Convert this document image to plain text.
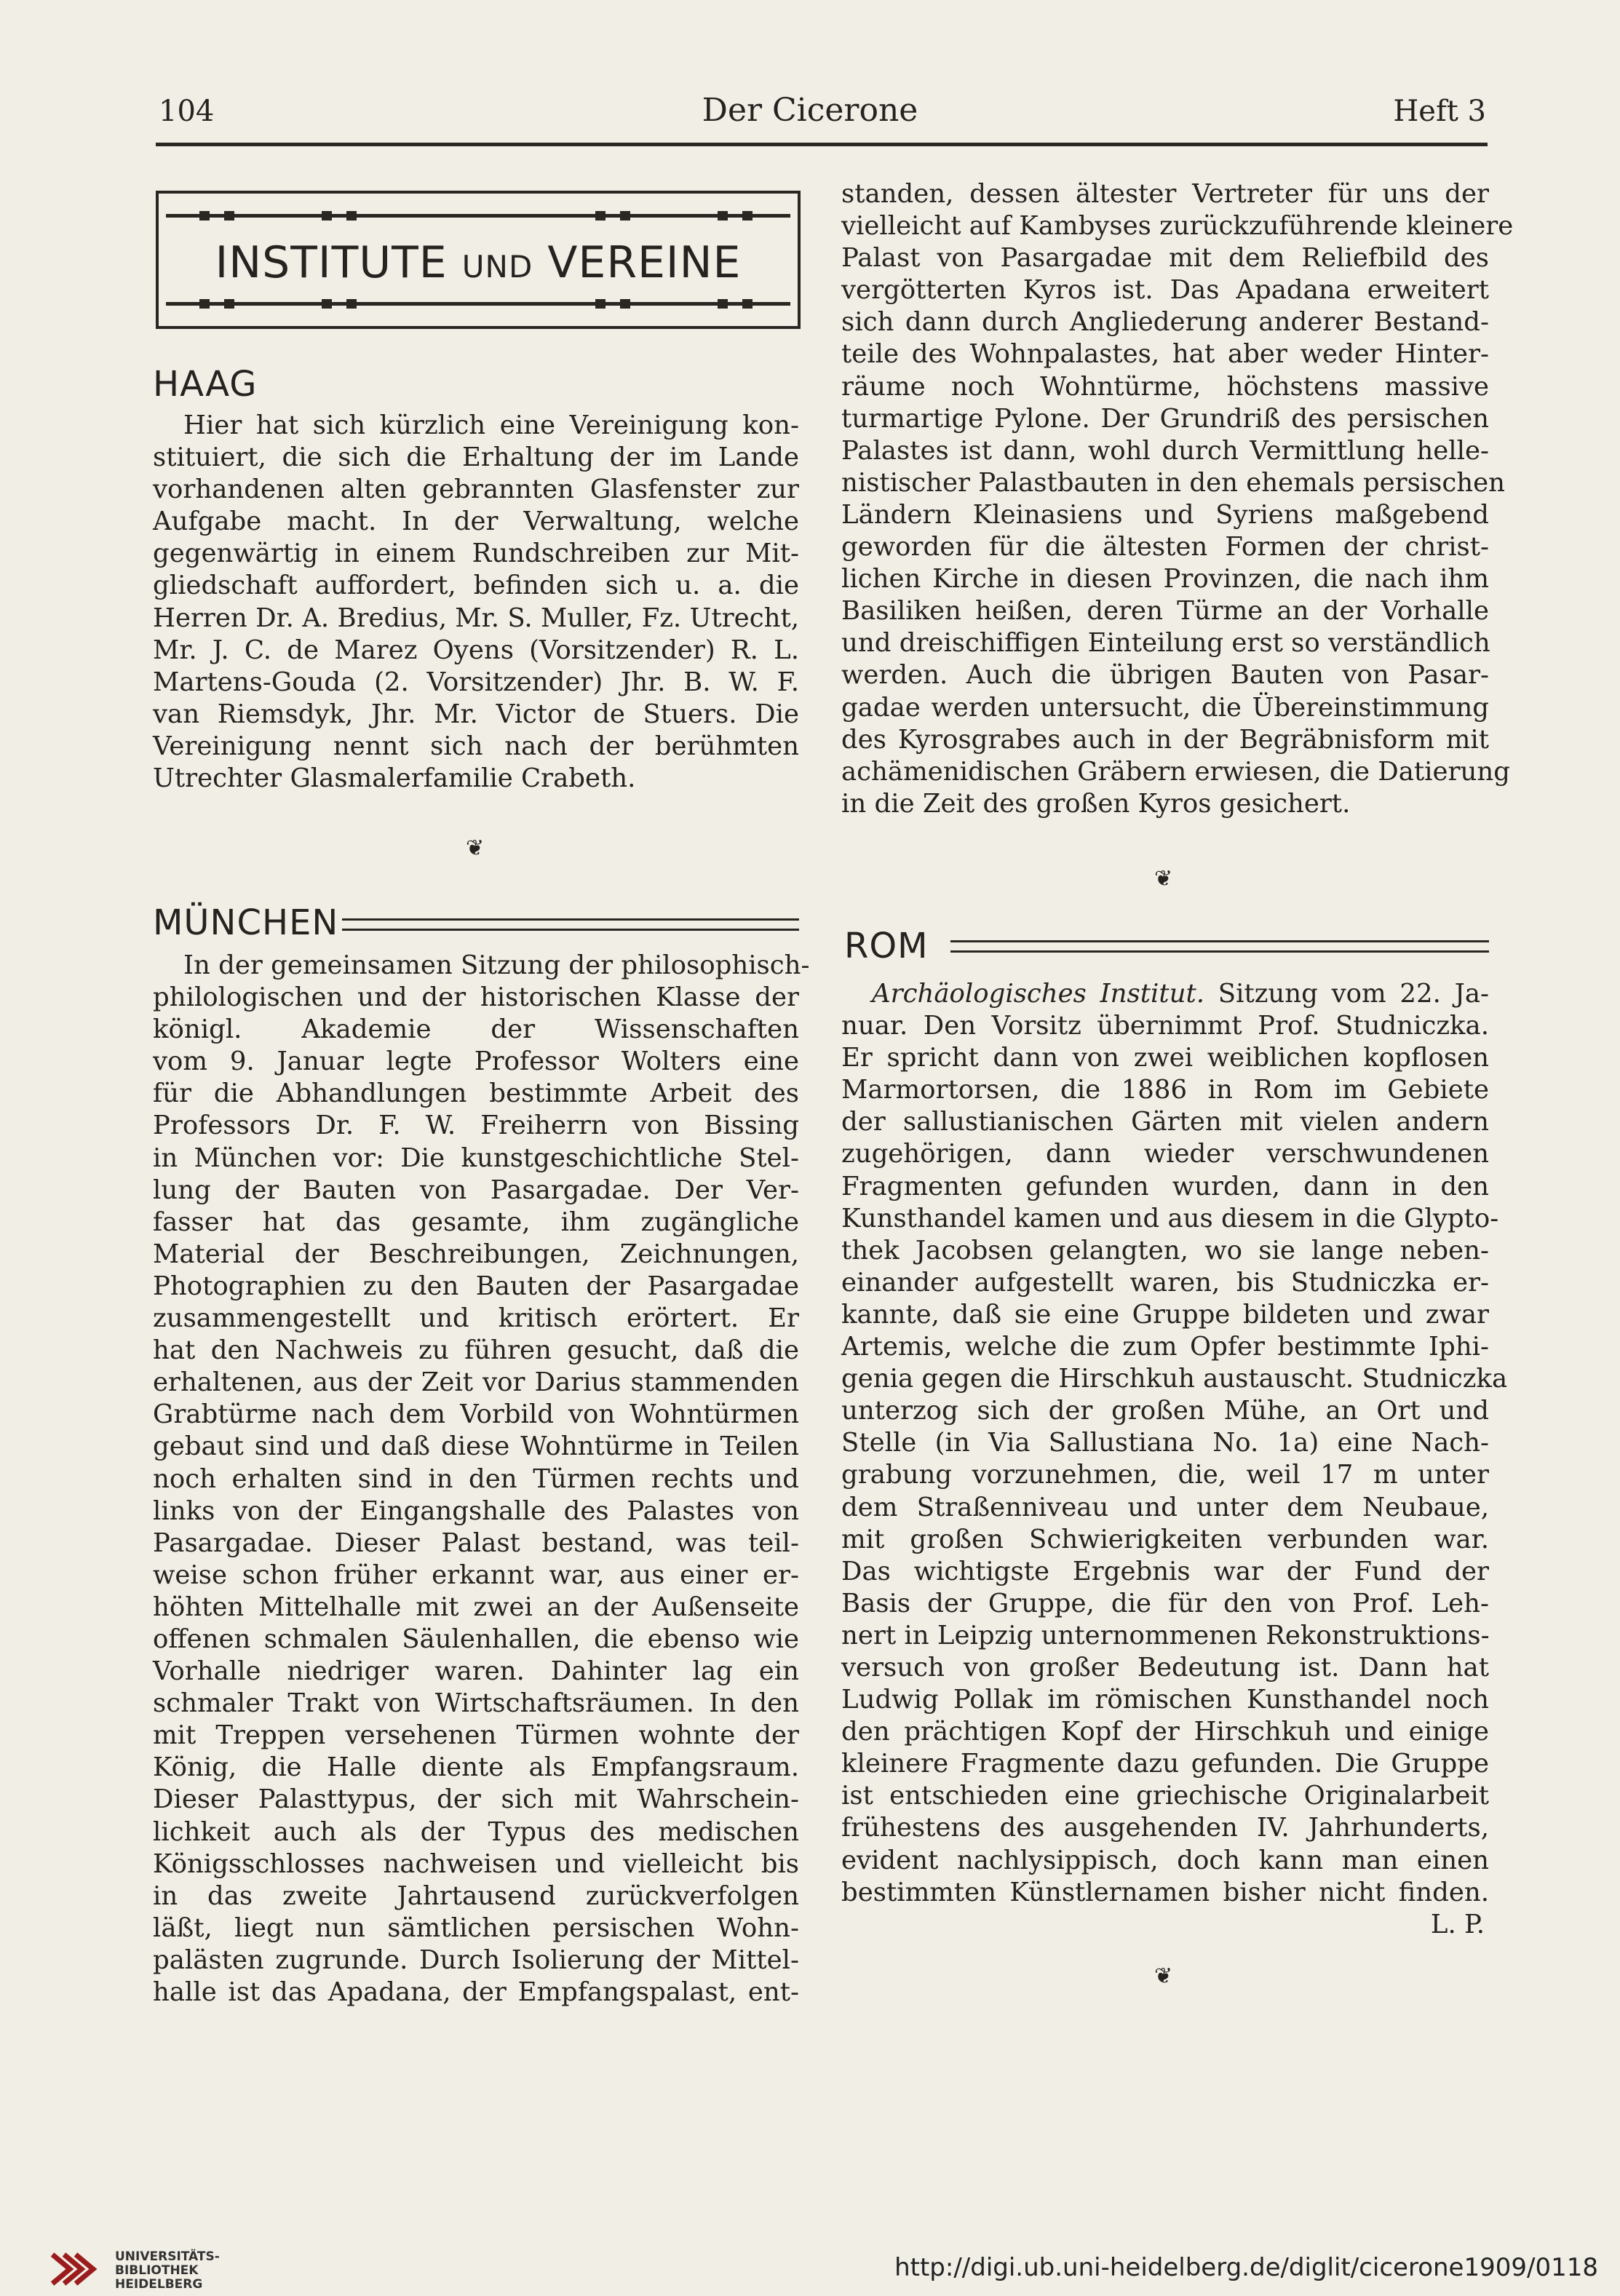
104	Der Cicerone	Heft 3
INSTITUTE UND VEREINE
HAAG

Hier hat sich kürzlich eine Vereinigung kon-

stituiert, die sich die Erhaltung der im Lande

vorhandenen alten gebrannten Glasfenster zur

Aufgabe macht. In der Verwaltung, welche

gegenwärtig in einem Rundschreiben zur Mit-

gliedschaft auffordert, befinden sich u. a. die

Herren Dr. A. Bredius, Mr. S. Muller, Fz. Utrecht,

Mr. J. C. de Marez Oyens (Vorsitzender) R. L.

Martens-Gouda (2. Vorsitzender) Jhr. B. W. F.

van Riemsdyk, Jhr. Mr. Victor de Stuers. Die

Vereinigung nennt sich nach der berühmten

Utrechter Glasmalerfamilie Crabeth.

❦
MÜNCHEN

In der gemeinsamen Sitzung der philosophisch-

philologischen und der historischen Klasse der

königl. Akademie der Wissenschaften

vom 9. Januar legte Professor Wolters eine

für die Abhandlungen bestimmte Arbeit des

Professors Dr. F. W. Freiherrn von Bissing

in München vor: Die kunstgeschichtliche Stel-

lung der Bauten von Pasargadae. Der Ver-

fasser hat das gesamte, ihm zugängliche

Material der Beschreibungen, Zeichnungen,

Photographien zu den Bauten der Pasargadae

zusammengestellt und kritisch erörtert. Er

hat den Nachweis zu führen gesucht, daß die

erhaltenen, aus der Zeit vor Darius stammenden

Grabtürme nach dem Vorbild von Wohntürmen

gebaut sind und daß diese Wohntürme in Teilen

noch erhalten sind in den Türmen rechts und

links von der Eingangshalle des Palastes von

Pasargadae. Dieser Palast bestand, was teil-

weise schon früher erkannt war, aus einer er-

höhten Mittelhalle mit zwei an der Außenseite

offenen schmalen Säulenhallen, die ebenso wie

Vorhalle niedriger waren. Dahinter lag ein

schmaler Trakt von Wirtschaftsräumen. In den

mit Treppen versehenen Türmen wohnte der

König, die Halle diente als Empfangsraum.

Dieser Palasttypus, der sich mit Wahrschein-

lichkeit auch als der Typus des medischen

Königsschlosses nachweisen und vielleicht bis

in das zweite Jahrtausend zurückverfolgen

läßt, liegt nun sämtlichen persischen Wohn-

palästen zugrunde. Durch Isolierung der Mittel-

halle ist das Apadana, der Empfangspalast, ent-

standen, dessen ältester Vertreter für uns der

vielleicht auf Kambyses zurückzuführende kleinere

Palast von Pasargadae mit dem Reliefbild des

vergötterten Kyros ist. Das Apadana erweitert

sich dann durch Angliederung anderer Bestand-

teile des Wohnpalastes, hat aber weder Hinter-

räume noch Wohntürme, höchstens massive

turmartige Pylone. Der Grundriß des persischen

Palastes ist dann, wohl durch Vermittlung helle-

nistischer Palastbauten in den ehemals persischen

Ländern Kleinasiens und Syriens maßgebend

geworden für die ältesten Formen der christ-

lichen Kirche in diesen Provinzen, die nach ihm

Basiliken heißen, deren Türme an der Vorhalle

und dreischiffigen Einteilung erst so verständlich

werden. Auch die übrigen Bauten von Pasar-

gadae werden untersucht, die Übereinstimmung

des Kyrosgrabes auch in der Begräbnisform mit

achämenidischen Gräbern erwiesen, die Datierung

in die Zeit des großen Kyros gesichert.

❦
ROM

Archäologisches Institut. Sitzung vom 22. Ja-

nuar. Den Vorsitz übernimmt Prof. Studniczka.

Er spricht dann von zwei weiblichen kopflosen

Marmortorsen, die 1886 in Rom im Gebiete

der sallustianischen Gärten mit vielen andern

zugehörigen, dann wieder verschwundenen

Fragmenten gefunden wurden, dann in den

Kunsthandel kamen und aus diesem in die Glypto-

thek Jacobsen gelangten, wo sie lange neben-

einander aufgestellt waren, bis Studniczka er-

kannte, daß sie eine Gruppe bildeten und zwar

Artemis, welche die zum Opfer bestimmte Iphi-

genia gegen die Hirschkuh austauscht. Studniczka

unterzog sich der großen Mühe, an Ort und

Stelle (in Via Sallustiana No. 1a) eine Nach-

grabung vorzunehmen, die, weil 17 m unter

dem Straßenniveau und unter dem Neubaue,

mit großen Schwierigkeiten verbunden war.

Das wichtigste Ergebnis war der Fund der

Basis der Gruppe, die für den von Prof. Leh-

nert in Leipzig unternommenen Rekonstruktions-

versuch von großer Bedeutung ist. Dann hat

Ludwig Pollak im römischen Kunsthandel noch

den prächtigen Kopf der Hirschkuh und einige

kleinere Fragmente dazu gefunden. Die Gruppe

ist entschieden eine griechische Originalarbeit

frühestens des ausgehenden IV. Jahrhunderts,

evident nachlysippisch, doch kann man einen

bestimmten Künstlernamen bisher nicht finden.

L. P.

❦
UNIVERSITÄTS-
BIBLIOTHEK
HEIDELBERG
http://digi.ub.uni-heidelberg.de/diglit/cicerone1909/0118
